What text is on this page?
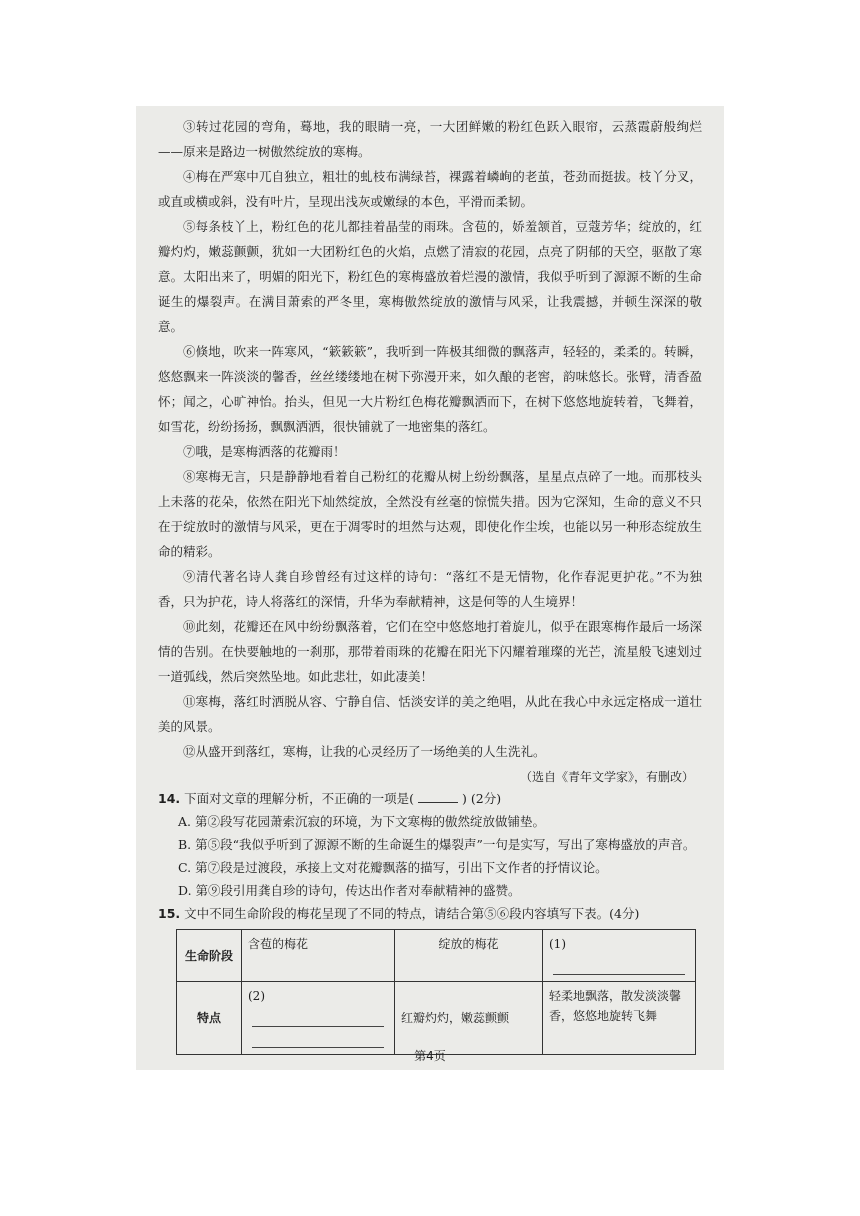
③转过花园的弯角，蓦地，我的眼睛一亮，一大团鲜嫩的粉红色跃入眼帘，云蒸霞蔚般绚烂——原来是路边一树傲然绽放的寒梅。

④梅在严寒中兀自独立，粗壮的虬枝布满绿苔，裸露着嶙峋的老茧，苍劲而挺拔。枝丫分叉，或直或横或斜，没有叶片，呈现出浅灰或嫩绿的本色，平滑而柔韧。

⑤每条枝丫上，粉红色的花儿都挂着晶莹的雨珠。含苞的，娇羞颔首，豆蔻芳华；绽放的，红瓣灼灼，嫩蕊颤颤，犹如一大团粉红色的火焰，点燃了清寂的花园，点亮了阴郁的天空，驱散了寒意。太阳出来了，明媚的阳光下，粉红色的寒梅盛放着烂漫的激情，我似乎听到了源源不断的生命诞生的爆裂声。在满目萧索的严冬里，寒梅傲然绽放的激情与风采，让我震撼，并顿生深深的敬意。

⑥倏地，吹来一阵寒风，“簌簌簌”，我听到一阵极其细微的飘落声，轻轻的，柔柔的。转瞬，悠悠飘来一阵淡淡的馨香，丝丝缕缕地在树下弥漫开来，如久酿的老窖，韵味悠长。张臂，清香盈怀；闻之，心旷神怡。抬头，但见一大片粉红色梅花瓣飘洒而下，在树下悠悠地旋转着，飞舞着，如雪花，纷纷扬扬，飘飘洒洒，很快铺就了一地密集的落红。

⑦哦，是寒梅洒落的花瓣雨！

⑧寒梅无言，只是静静地看着自己粉红的花瓣从树上纷纷飘落，星星点点碎了一地。而那枝头上未落的花朵，依然在阳光下灿然绽放，全然没有丝毫的惊慌失措。因为它深知，生命的意义不只在于绽放时的激情与风采，更在于凋零时的坦然与达观，即使化作尘埃，也能以另一种形态绽放生命的精彩。

⑨清代著名诗人龚自珍曾经有过这样的诗句：“落红不是无情物，化作春泥更护花。”不为独香，只为护花，诗人将落红的深情，升华为奉献精神，这是何等的人生境界！

⑩此刻，花瓣还在风中纷纷飘落着，它们在空中悠悠地打着旋儿，似乎在跟寒梅作最后一场深情的告别。在快要触地的一刹那，那带着雨珠的花瓣在阳光下闪耀着璀璨的光芒，流星般飞速划过一道弧线，然后突然坠地。如此悲壮，如此凄美！

⑪寒梅，落红时洒脱从容、宁静自信、恬淡安详的美之绝唱，从此在我心中永远定格成一道壮美的风景。

⑫从盛开到落红，寒梅，让我的心灵经历了一场绝美的人生洗礼。

（选自《青年文学家》，有删改）

14. 下面对文章的理解分析，不正确的一项是(	) (2分)

A. 第②段写花园萧索沉寂的环境，为下文寒梅的傲然绽放做铺垫。

B. 第⑤段“我似乎听到了源源不断的生命诞生的爆裂声”一句是实写，写出了寒梅盛放的声音。

C. 第⑦段是过渡段，承接上文对花瓣飘落的描写，引出下文作者的抒情议论。

D. 第⑨段引用龚自珍的诗句，传达出作者对奉献精神的盛赞。

15. 文中不同生命阶段的梅花呈现了不同的特点，请结合第⑤⑥段内容填写下表。(4分)

生命阶段	含苞的梅花	绽放的梅花	(1)

特点	(2)	红瓣灼灼，嫩蕊颤颤	轻柔地飘落，散发淡淡馨香，悠悠地旋转飞舞
第4页
